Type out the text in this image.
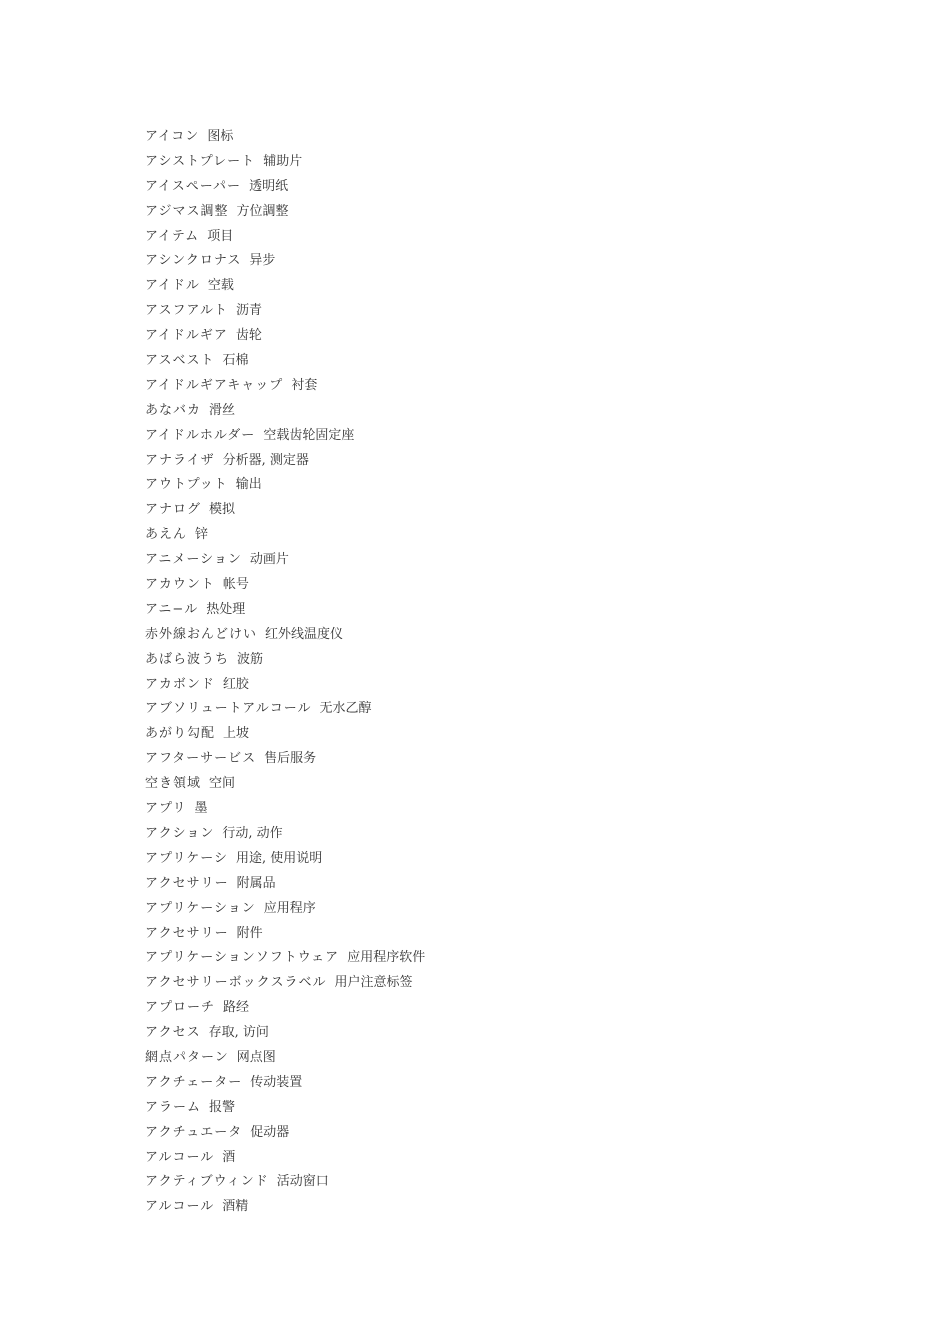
アイコン 图标
アシストプレート 辅助片
アイスペーパー 透明纸
アジマス調整 方位調整
アイテム 项目
アシンクロナス 异步
アイドル 空载
アスフアルト 沥青
アイドルギア 齿轮
アスベスト 石棉
アイドルギアキャップ 衬套
あなバカ 滑丝
アイドルホルダー 空载齿轮固定座
アナライザ 分析器, 测定器
アウトプット 输出
アナログ 模拟
あえん 锌
アニメーション 动画片
アカウント 帐号
アニ−ル 热处理
赤外線おんどけい 红外线温度仪
あばら波うち 波筋
アカボンド 红胶
アブソリュートアルコール 无水乙醇
あがり勾配 上坡
アフターサービス 售后服务
空き領域 空间
アプリ 墨
アクション 行动, 动作
アプリケーシ 用途, 使用说明
アクセサリー 附属品
アプリケーション 应用程序
アクセサリー 附件
アプリケーションソフトウェア 应用程序软件
アクセサリーボックスラベル 用户注意标签
アプローチ 路经
アクセス 存取, 访问
網点パターン 网点图
アクチェーター 传动装置
アラーム 报警
アクチュエータ 促动器
アルコール 酒
アクティブウィンド 活动窗口
アルコール 酒精
